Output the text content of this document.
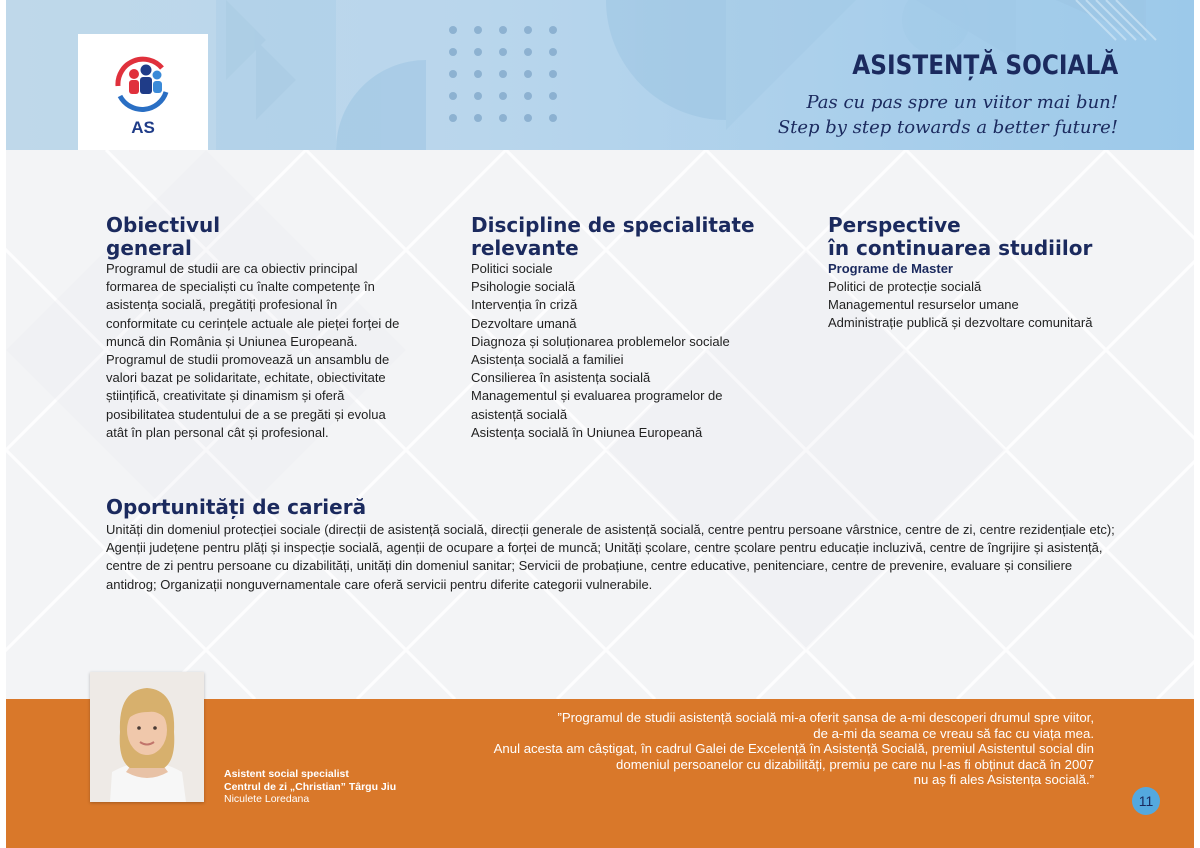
AS
ASISTENȚĂ SOCIALĂ
Pas cu pas spre un viitor mai bun!
Step by step towards a better future!
Obiectivul
general

Programul de studii are ca obiectiv principal formarea de specialiști cu înalte competențe în asistența socială, pregătiți profesional în conformitate cu cerințele actuale ale pieței forței de muncă din România și Uniunea Europeană. Programul de studii promovează un ansamblu de valori bazat pe solidaritate, echitate, obiectivitate științifică, creativitate și dinamism și oferă posibilitatea studentului de a se pregăti și evolua atât în plan personal cât și profesional.

Discipline de specialitate
relevante
Politici sociale
Psihologie socială
Intervenția în criză
Dezvoltare umană
Diagnoza și soluționarea problemelor sociale
Asistența socială a familiei
Consilierea în asistența socială
Managementul și evaluarea programelor de asistență socială
Asistența socială în Uniunea Europeană
Perspective
în continuarea studiilor
Programe de Master
Politici de protecție socială
Managementul resurselor umane
Administrație publică și dezvoltare comunitară
Oportunități de carieră

Unități din domeniul protecției sociale (direcții de asistență socială, direcții generale de asistență socială, centre pentru persoane vârstnice, centre de zi, centre rezidențiale etc); Agenții județene pentru plăți și inspecție socială, agenții de ocupare a forței de muncă; Unități școlare, centre școlare pentru educație incluzivă, centre de îngrijire și asistență, centre de zi pentru persoane cu dizabilități, unități din domeniul sanitar; Servicii de probațiune, centre educative, penitenciare, centre de prevenire, evaluare și consiliere antidrog; Organizații nonguvernamentale care oferă servicii pentru diferite categorii vulnerabile.

Asistent social specialist
Centrul de zi „Christian” Târgu Jiu
Niculete Loredana
”Programul de studii asistență socială mi-a oferit șansa de a-mi descoperi drumul spre viitor,
de a-mi da seama ce vreau să fac cu viața mea.
Anul acesta am câștigat, în cadrul Galei de Excelență în Asistență Socială, premiul Asistentul social din
domeniul persoanelor cu dizabilități, premiu pe care nu l-as fi obținut dacă în 2007
nu aș fi ales Asistența socială.”
11
